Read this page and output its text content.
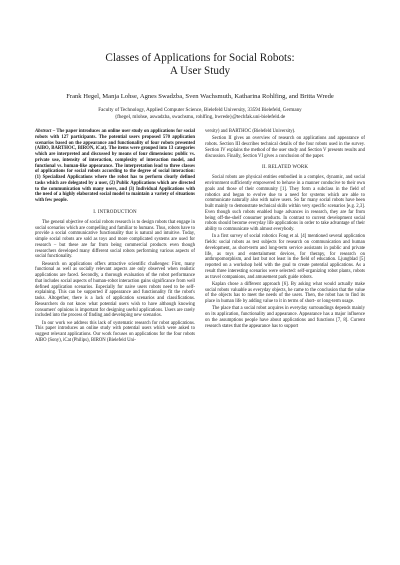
Classes of Applications for Social Robots:
A User Study
Frank Hegel, Manja Lohse, Agnes Swadzba, Sven Wachsmuth, Katharina Rohlfing, and Britta Wrede
Faculty of Technology, Applied Computer Science, Bielefeld University, 33594 Bielefeld, Germany
{fhegel, mlohse, aswadzba, swachsmu, rohlfing, bwrede}@techfak.uni-bielefeld.de
Abstract – The paper introduces an online user study on applications for social robots with 127 participants. The potential users proposed 570 application scenarios based on the appearance and functionality of four robots presented (AIBO, BARTHOC, BIRON, iCat). The items were grouped into 13 categories which are interpreted and discussed by means of four dimensions: public vs. private use, intensity of interaction, complexity of interaction model, and functional vs. human-like appearance. The interpretation lead to three classes of applications for social robots according to the degree of social interaction: (1) Specialized Applications where the robot has to perform clearly defined tasks which are delegated by a user, (2) Public Applications which are directed to the communication with many users, and (3) Individual Applications with the need of a highly elaborated social model to maintain a variety of situations with few people.
I. INTRODUCTION

The general objective of social robots research is to design robots that engage in social scenarios which are compelling and familiar to humans. Thus, robots have to provide a social communicative functionality that is natural and intuitive. Today, simple social robots are sold as toys and more complicated systems are used for research – but these are far from being commercial products even though researchers developed many different social robots performing various aspects of social functionality.

Research on applications offers attractive scientific challenges: First, many functional as well as socially relevant aspects are only observed when realistic applications are faced. Secondly, a thorough evaluation of the robot performance that includes social aspects of human-robot interaction gains significance from well defined application scenarios. Especially for naive users robots need to be self-explaining. This can be supported if appearance and functionality fit the robot's tasks. Altogether, there is a lack of application scenarios and classifications. Researchers do not know what potential users wish to have although knowing consumers' opinions is important for designing useful applications. Users are rarely included into the process of finding and developing new scenarios.

In our work we address this lack of systematic research for robot applications. This paper introduces an online study with potential users which were asked to suggest relevant applications. Our work focuses on applications for the four robots AIBO (Sony), iCat (Philips), BIRON (Bielefeld Uni-

versity) and BARTHOC (Bielefeld University).

Section II gives an overview of research on applications and appearance of robots. Section III describes technical details of the four robots used in the survey. Section IV explains the method of the user study and Section V presents results and discussion. Finally, Section VI gives a conclusion of the paper.

II. RELATED WORK

Social robots are physical entities embodied in a complex, dynamic, and social environment sufficiently empowered to behave in a manner conducive to their own goals and those of their community [1]. They form a subclass in the field of robotics and began to evolve due to a need for systems which are able to communicate naturally also with naive users. So far many social robots have been built mainly to demonstrate technical skills within very specific scenarios [e.g. 2,3]. Even though such robots enabled huge advances in research, they are far from being off-the-shelf consumer products. In contrast to current development social robots should become everyday life applications in order to take advantage of their ability to communicate with almost everybody.

In a first survey of social robotics Fong et al. [4] mentioned several application fields: social robots as test subjects for research on communication and human development, as short-term and long-term service assistants in public and private life, as toys and entertainment devices, for therapy, for research on anthropomorphism, and last but not least in the field of education. Ljungblad [5] reported on a workshop held with the goal to create potential applications. As a result three interesting scenarios were selected: self-organizing robot plants, robots as travel companions, and amusement park guide robots.

Kaplan chose a different approach [6]. By asking what would actually make social robots valuable as everyday objects, he came to the conclusion that the value of the objects has to meet the needs of the users. Then, the robot has to find its place in human life by adding value to it in terms of short- or long-term usage.

The place that a social robot acquires in everyday surroundings depends mainly on its application, functionality and appearance. Appearance has a major influence on the assumptions people have about applications and functions [7, 8]. Current research states that the appearance has to support
